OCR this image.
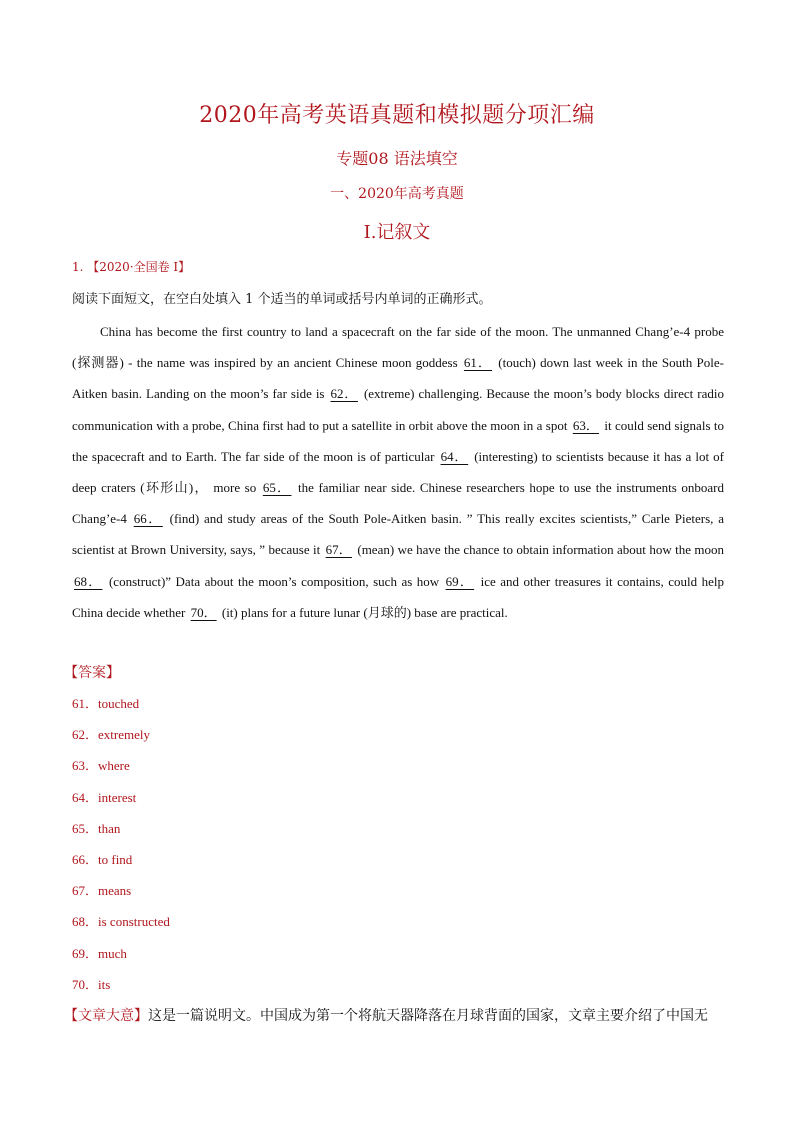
2020年高考英语真题和模拟题分项汇编
专题08 语法填空
一、2020年高考真题
I.记叙文
1. 【2020·全国卷 I】
阅读下面短文，在空白处填入 1 个适当的单词或括号内单词的正确形式。
China has become the first country to land a spacecraft on the far side of the moon. The unmanned Chang’e-4 probe (探测器) - the name was inspired by an ancient Chinese moon goddess 61． (touch) down last week in the South Pole-Aitken basin. Landing on the moon’s far side is 62． (extreme) challenging. Because the moon’s body blocks direct radio communication with a probe, China first had to put a satellite in orbit above the moon in a spot 63． it could send signals to the spacecraft and to Earth. The far side of the moon is of particular 64． (interesting) to scientists because it has a lot of deep craters (环形山)， more so 65． the familiar near side. Chinese researchers hope to use the instruments onboard Chang’e-4 66． (find) and study areas of the South Pole-Aitken basin. ” This really excites scientists,” Carle Pieters, a scientist at Brown University, says, ” because it 67． (mean) we have the chance to obtain information about how the moon 68． (construct)” Data about the moon’s composition, such as how 69． ice and other treasures it contains, could help China decide whether 70． (it) plans for a future lunar (月球的) base are practical.
【答案】
61．touched
62．extremely
63．where
64．interest
65．than
66．to find
67．means
68．is constructed
69．much
70．its
【文章大意】这是一篇说明文。中国成为第一个将航天器降落在月球背面的国家，文章主要介绍了中国无
